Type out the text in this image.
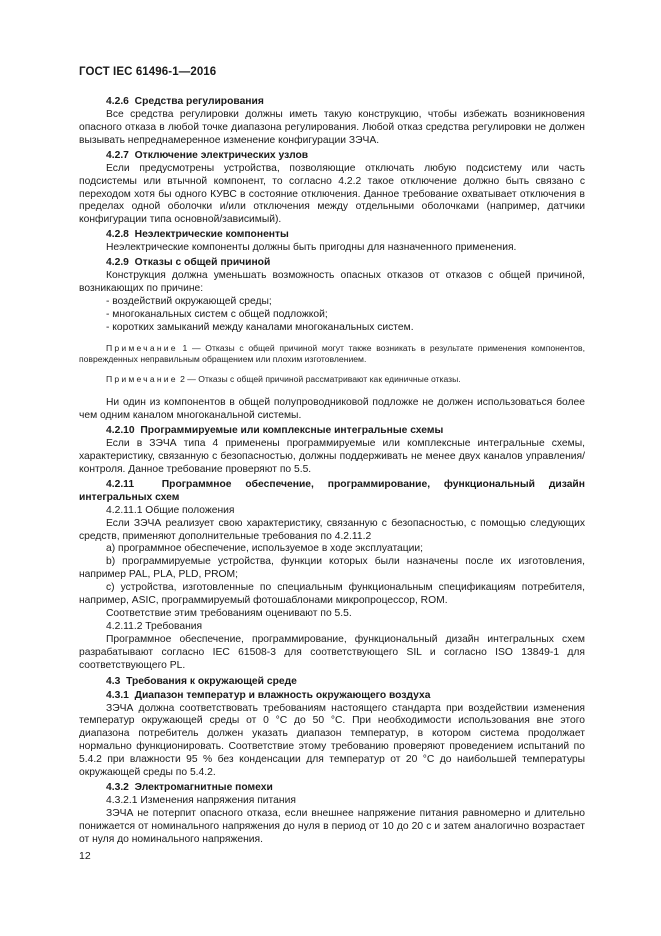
ГОСТ IEC 61496-1—2016
4.2.6 Средства регулирования

Все средства регулировки должны иметь такую конструкцию, чтобы избежать возникновения опасного отказа в любой точке диапазона регулирования. Любой отказ средства регулировки не должен вызывать непреднамеренное изменение конфигурации ЗЭЧА.

4.2.7 Отключение электрических узлов

Если предусмотрены устройства, позволяющие отключать любую подсистему или часть подсистемы или втычной компонент, то согласно 4.2.2 такое отключение должно быть связано с переходом хотя бы одного КУВС в состояние отключения. Данное требование охватывает отключения в пределах одной оболочки и/или отключения между отдельными оболочками (например, датчики конфигурации типа основной/зависимый).

4.2.8 Неэлектрические компоненты

Неэлектрические компоненты должны быть пригодны для назначенного применения.

4.2.9 Отказы с общей причиной

Конструкция должна уменьшать возможность опасных отказов от отказов с общей причиной, возникающих по причине:

- воздействий окружающей среды;

- многоканальных систем с общей подложкой;

- коротких замыканий между каналами многоканальных систем.

Примечание 1 — Отказы с общей причиной могут также возникать в результате применения компонентов, поврежденных неправильным обращением или плохим изготовлением.

Примечание 2 — Отказы с общей причиной рассматривают как единичные отказы.

Ни один из компонентов в общей полупроводниковой подложке не должен использоваться более чем одним каналом многоканальной системы.

4.2.10 Программируемые или комплексные интегральные схемы

Если в ЗЭЧА типа 4 применены программируемые или комплексные интегральные схемы, характеристику, связанную с безопасностью, должны поддерживать не менее двух каналов управления/контроля. Данное требование проверяют по 5.5.

4.2.11	Программное обеспечение, программирование, функциональный дизайн интегральных схем

4.2.11.1 Общие положения

Если ЗЭЧА реализует свою характеристику, связанную с безопасностью, с помощью следующих средств, применяют дополнительные требования по 4.2.11.2

a) программное обеспечение, используемое в ходе эксплуатации;

b) программируемые устройства, функции которых были назначены после их изготовления, например PAL, PLA, PLD, PROM;

c) устройства, изготовленные по специальным функциональным спецификациям потребителя, например, ASIC, программируемый фотошаблонами микропроцессор, ROM.

Соответствие этим требованиям оценивают по 5.5.

4.2.11.2 Требования

Программное обеспечение, программирование, функциональный дизайн интегральных схем разрабатывают согласно IEC 61508-3 для соответствующего SIL и согласно ISO 13849-1 для соответствующего PL.

4.3 Требования к окружающей среде
4.3.1 Диапазон температур и влажность окружающего воздуха

ЗЭЧА должна соответствовать требованиям настоящего стандарта при воздействии изменения температур окружающей среды от 0 °C до 50 °C. При необходимости использования вне этого диапазона потребитель должен указать диапазон температур, в котором система продолжает нормально функционировать. Соответствие этому требованию проверяют проведением испытаний по 5.4.2 при влажности 95 % без конденсации для температур от 20 °C до наибольшей температуры окружающей среды по 5.4.2.

4.3.2 Электромагнитные помехи

4.3.2.1 Изменения напряжения питания

ЗЭЧА не потерпит опасного отказа, если внешнее напряжение питания равномерно и длительно понижается от номинального напряжения до нуля в период от 10 до 20 с и затем аналогично возрастает от нуля до номинального напряжения.

12
